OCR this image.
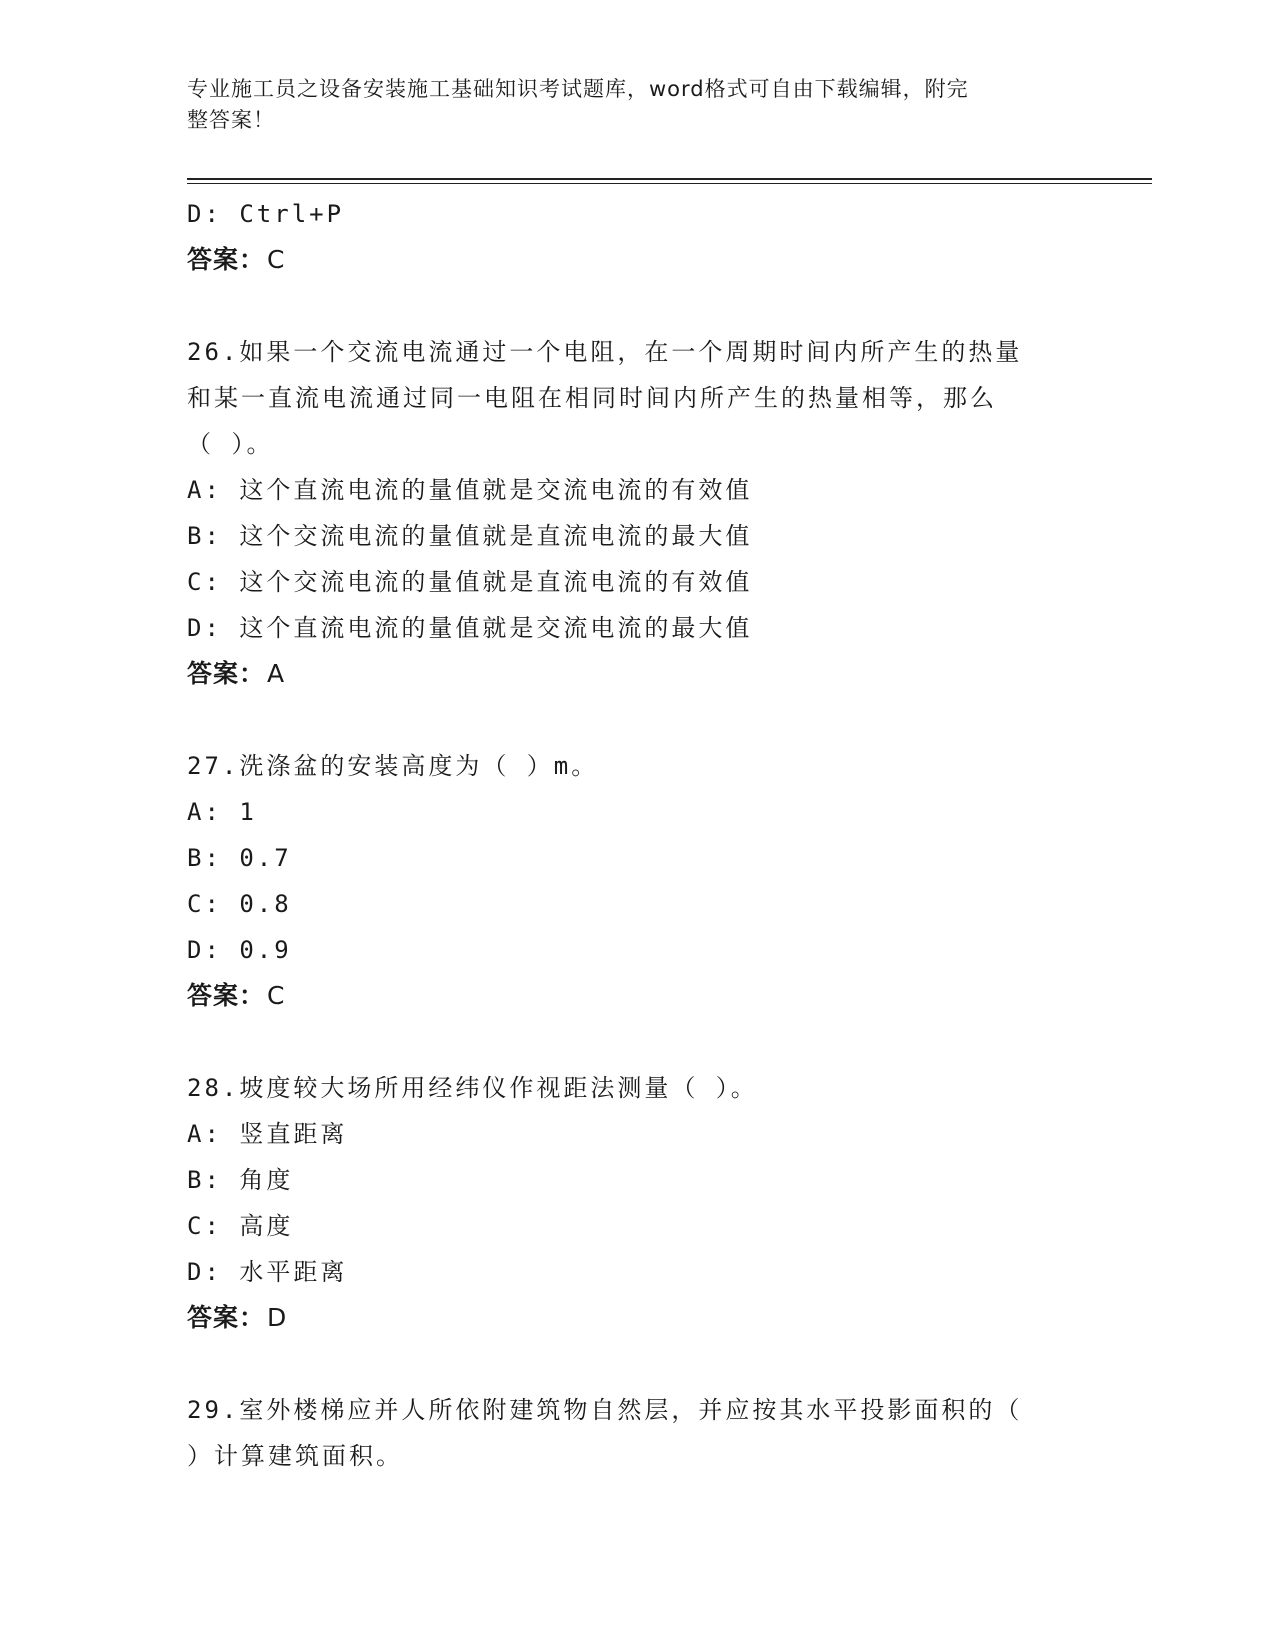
专业施工员之设备安装施工基础知识考试题库，word格式可自由下载编辑，附完
整答案！
D: Ctrl+P
答案：C
26.如果一个交流电流通过一个电阻，在一个周期时间内所产生的热量
和某一直流电流通过同一电阻在相同时间内所产生的热量相等，那么
（ ）。
A: 这个直流电流的量值就是交流电流的有效值
B: 这个交流电流的量值就是直流电流的最大值
C: 这个交流电流的量值就是直流电流的有效值
D: 这个直流电流的量值就是交流电流的最大值
答案：A
27.洗涤盆的安装高度为（ ）m。
A: 1
B: 0.7
C: 0.8
D: 0.9
答案：C
28.坡度较大场所用经纬仪作视距法测量（ ）。
A: 竖直距离
B: 角度
C: 高度
D: 水平距离
答案：D
29.室外楼梯应并人所依附建筑物自然层，并应按其水平投影面积的（
）计算建筑面积。
